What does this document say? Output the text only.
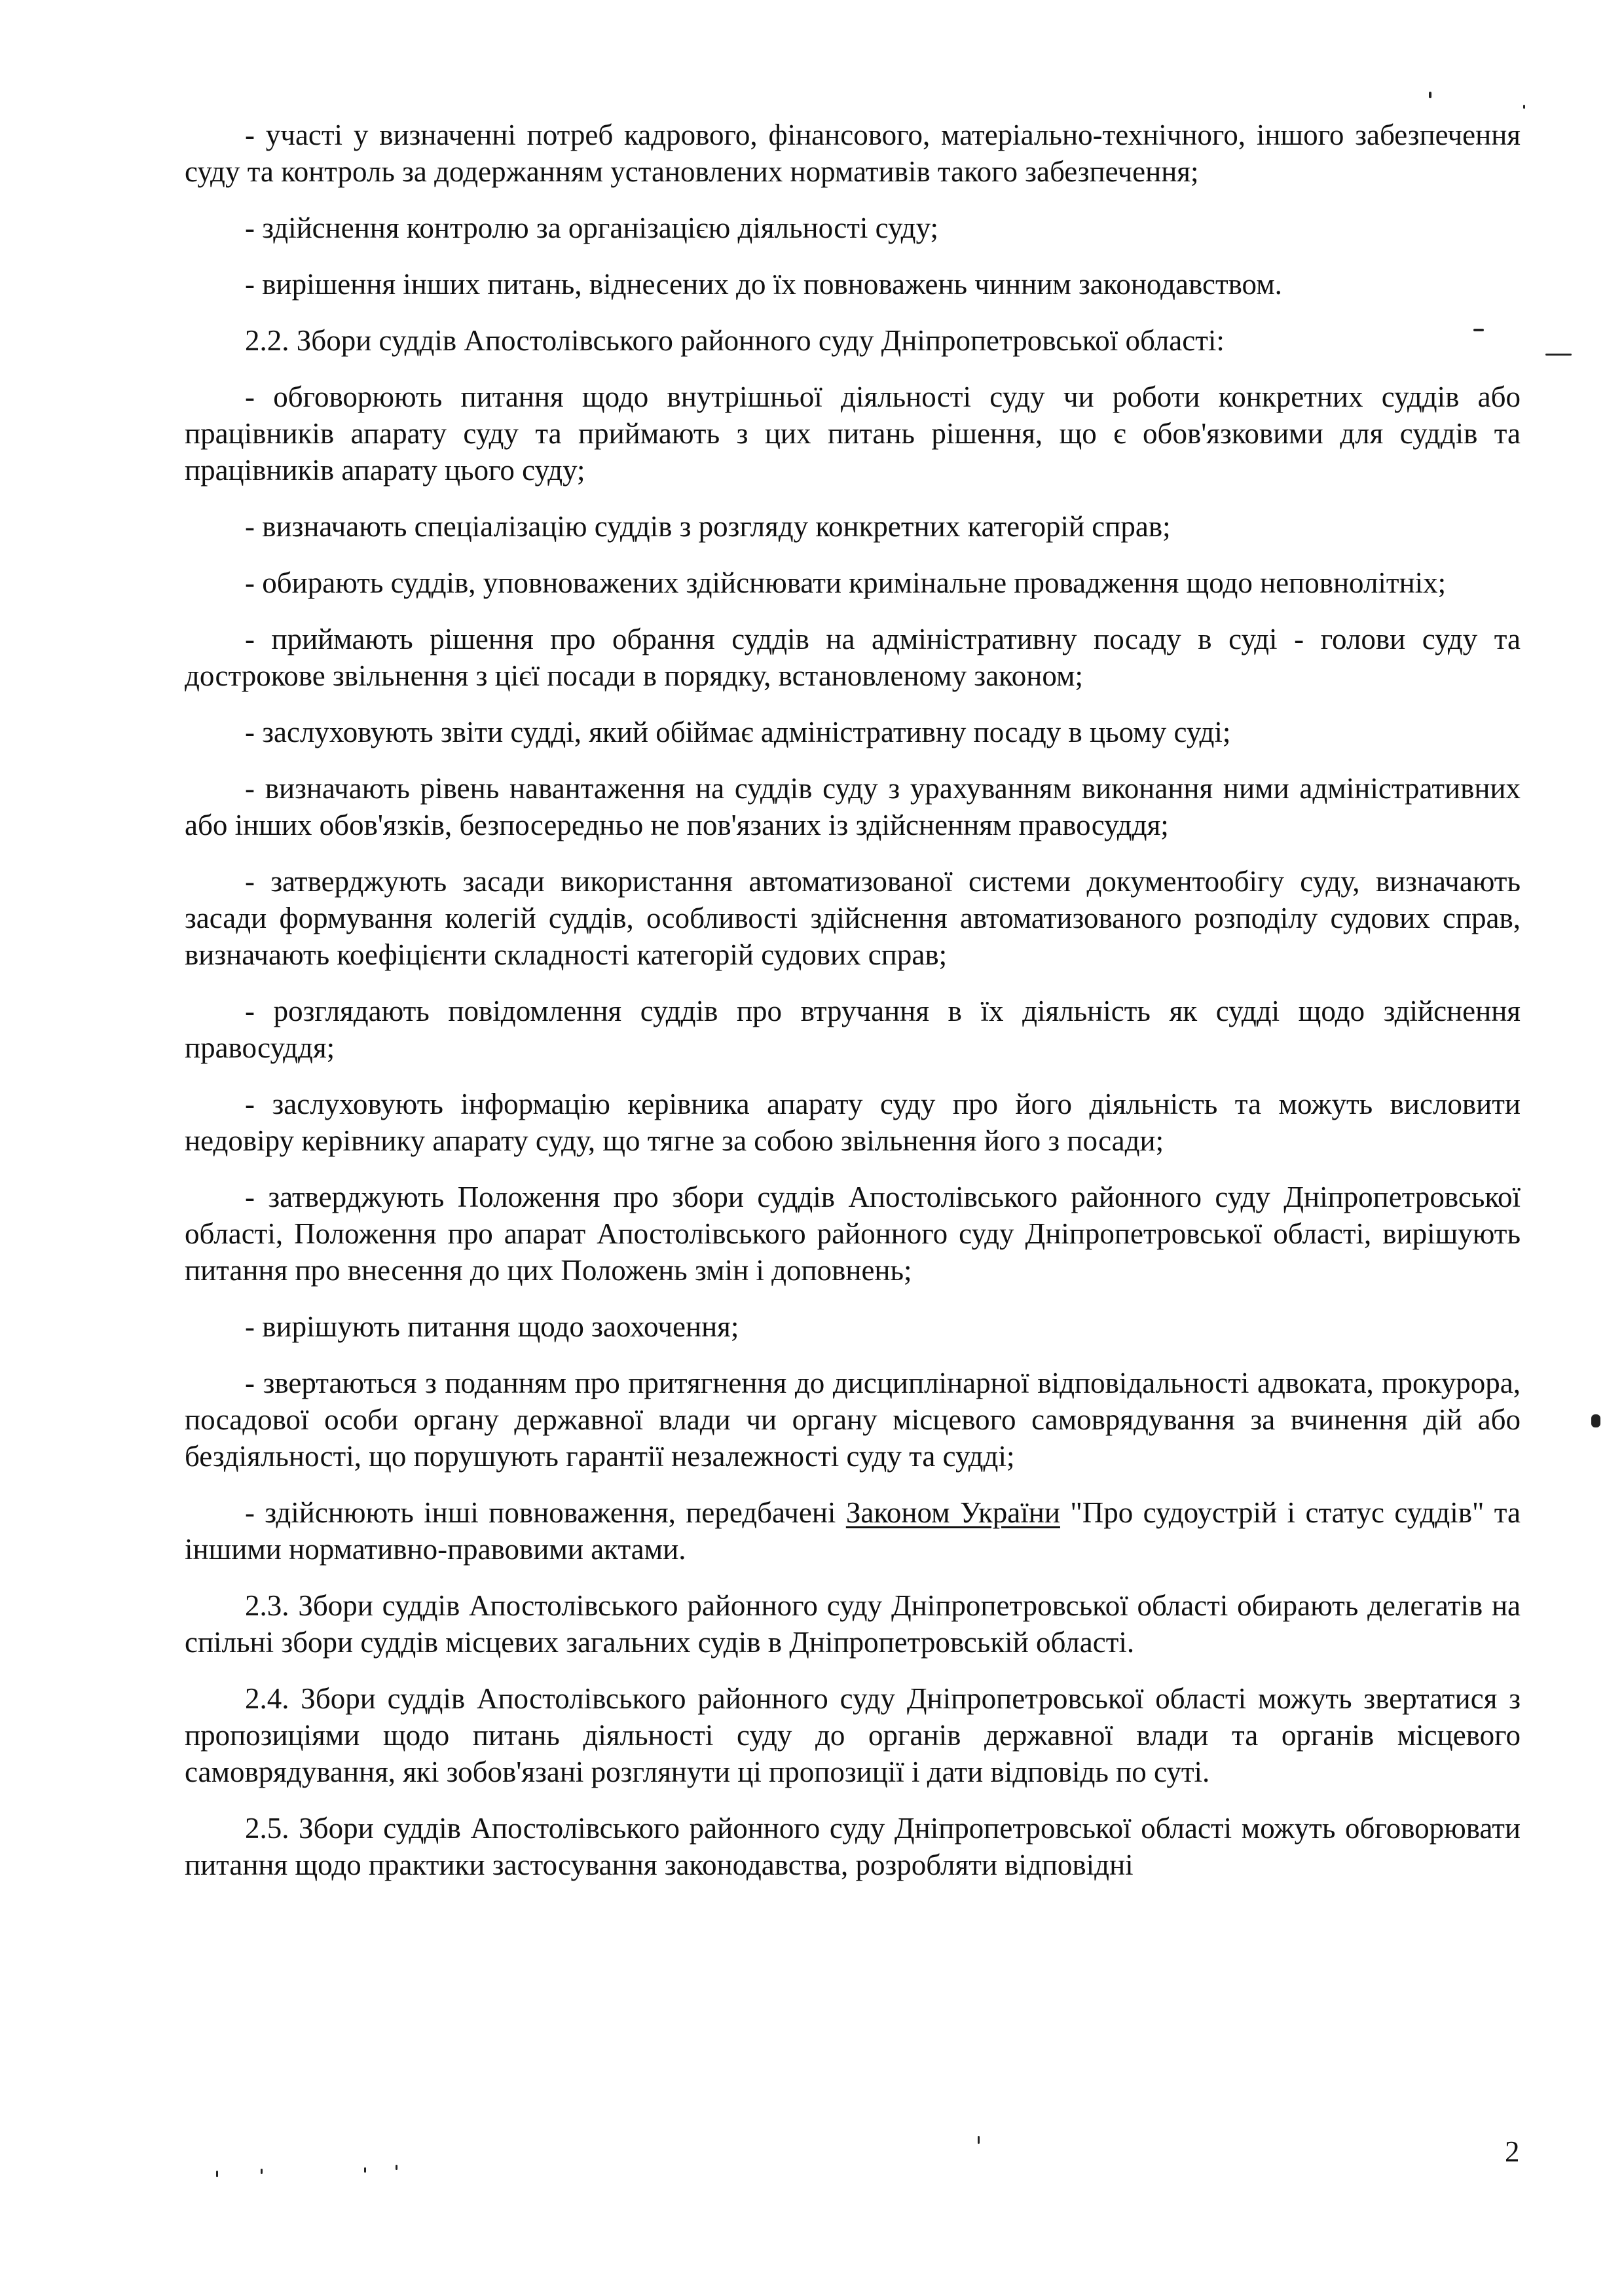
- участі у визначенні потреб кадрового, фінансового, матеріально-технічного, іншого забезпечення суду та контроль за додержанням установлених нормативів такого забезпечення;

- здійснення контролю за організацією діяльності суду;

- вирішення інших питань, віднесених до їх повноважень чинним законодавством.

2.2. Збори суддів Апостолівського районного суду Дніпропетровської області:

- обговорюють питання щодо внутрішньої діяльності суду чи роботи конкретних суддів або працівників апарату суду та приймають з цих питань рішення, що є обов'язковими для суддів та працівників апарату цього суду;

- визначають спеціалізацію суддів з розгляду конкретних категорій справ;

- обирають суддів, уповноважених здійснювати кримінальне провадження щодо неповнолітніх;

- приймають рішення про обрання суддів на адміністративну посаду в суді - голови суду та дострокове звільнення з цієї посади в порядку, встановленому законом;

- заслуховують звіти судді, який обіймає адміністративну посаду в цьому суді;

- визначають рівень навантаження на суддів суду з урахуванням виконання ними адміністративних або інших обов'язків, безпосередньо не пов'язаних із здійсненням правосуддя;

- затверджують засади використання автоматизованої системи документообігу суду, визначають засади формування колегій суддів, особливості здійснення автоматизованого розподілу судових справ, визначають коефіцієнти складності категорій судових справ;

- розглядають повідомлення суддів про втручання в їх діяльність як судді щодо здійснення правосуддя;

- заслуховують інформацію керівника апарату суду про його діяльність та можуть висловити недовіру керівнику апарату суду, що тягне за собою звільнення його з посади;

- затверджують Положення про збори суддів Апостолівського районного суду Дніпропетровської області, Положення про апарат Апостолівського районного суду Дніпропетровської області, вирішують питання про внесення до цих Положень змін і доповнень;

- вирішують питання щодо заохочення;

- звертаються з поданням про притягнення до дисциплінарної відповідальності адвоката, прокурора, посадової особи органу державної влади чи органу місцевого самоврядування за вчинення дій або бездіяльності, що порушують гарантії незалежності суду та судді;

- здійснюють інші повноваження, передбачені Законом України "Про судоустрій і статус суддів" та іншими нормативно-правовими актами.

2.3. Збори суддів Апостолівського районного суду Дніпропетровської області обирають делегатів на спільні збори суддів місцевих загальних судів в Дніпропетровській області.

2.4. Збори суддів Апостолівського районного суду Дніпропетровської області можуть звертатися з пропозиціями щодо питань діяльності суду до органів державної влади та органів місцевого самоврядування, які зобов'язані розглянути ці пропозиції і дати відповідь по суті.

2.5. Збори суддів Апостолівського районного суду Дніпропетровської області можуть обговорювати питання щодо практики застосування законодавства, розробляти відповідні

2
